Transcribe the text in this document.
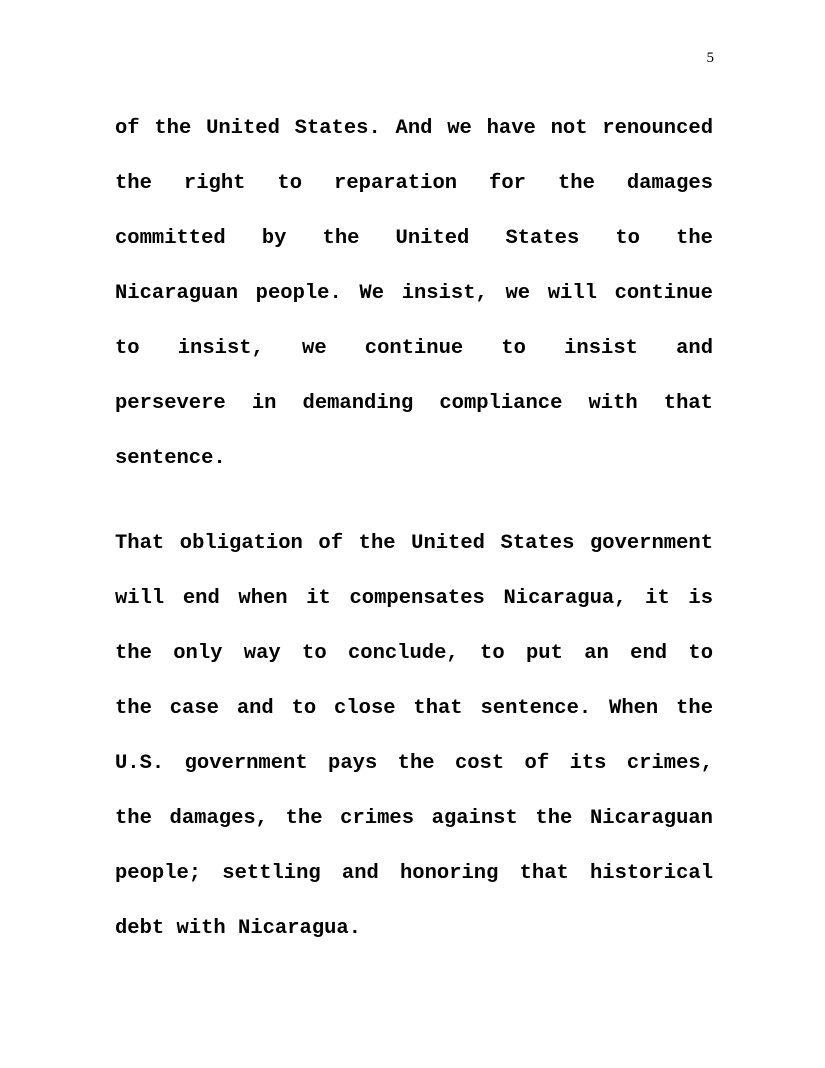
5
of the United States. And we have not renounced
the right to reparation for the damages
committed by the United States to the
Nicaraguan people. We insist, we will continue
to insist, we continue to insist and
persevere in demanding compliance with that
sentence.
That obligation of the United States government
will end when it compensates Nicaragua, it is
the only way to conclude, to put an end to
the case and to close that sentence. When the
U.S. government pays the cost of its crimes,
the damages, the crimes against the Nicaraguan
people; settling and honoring that historical
debt with Nicaragua.
